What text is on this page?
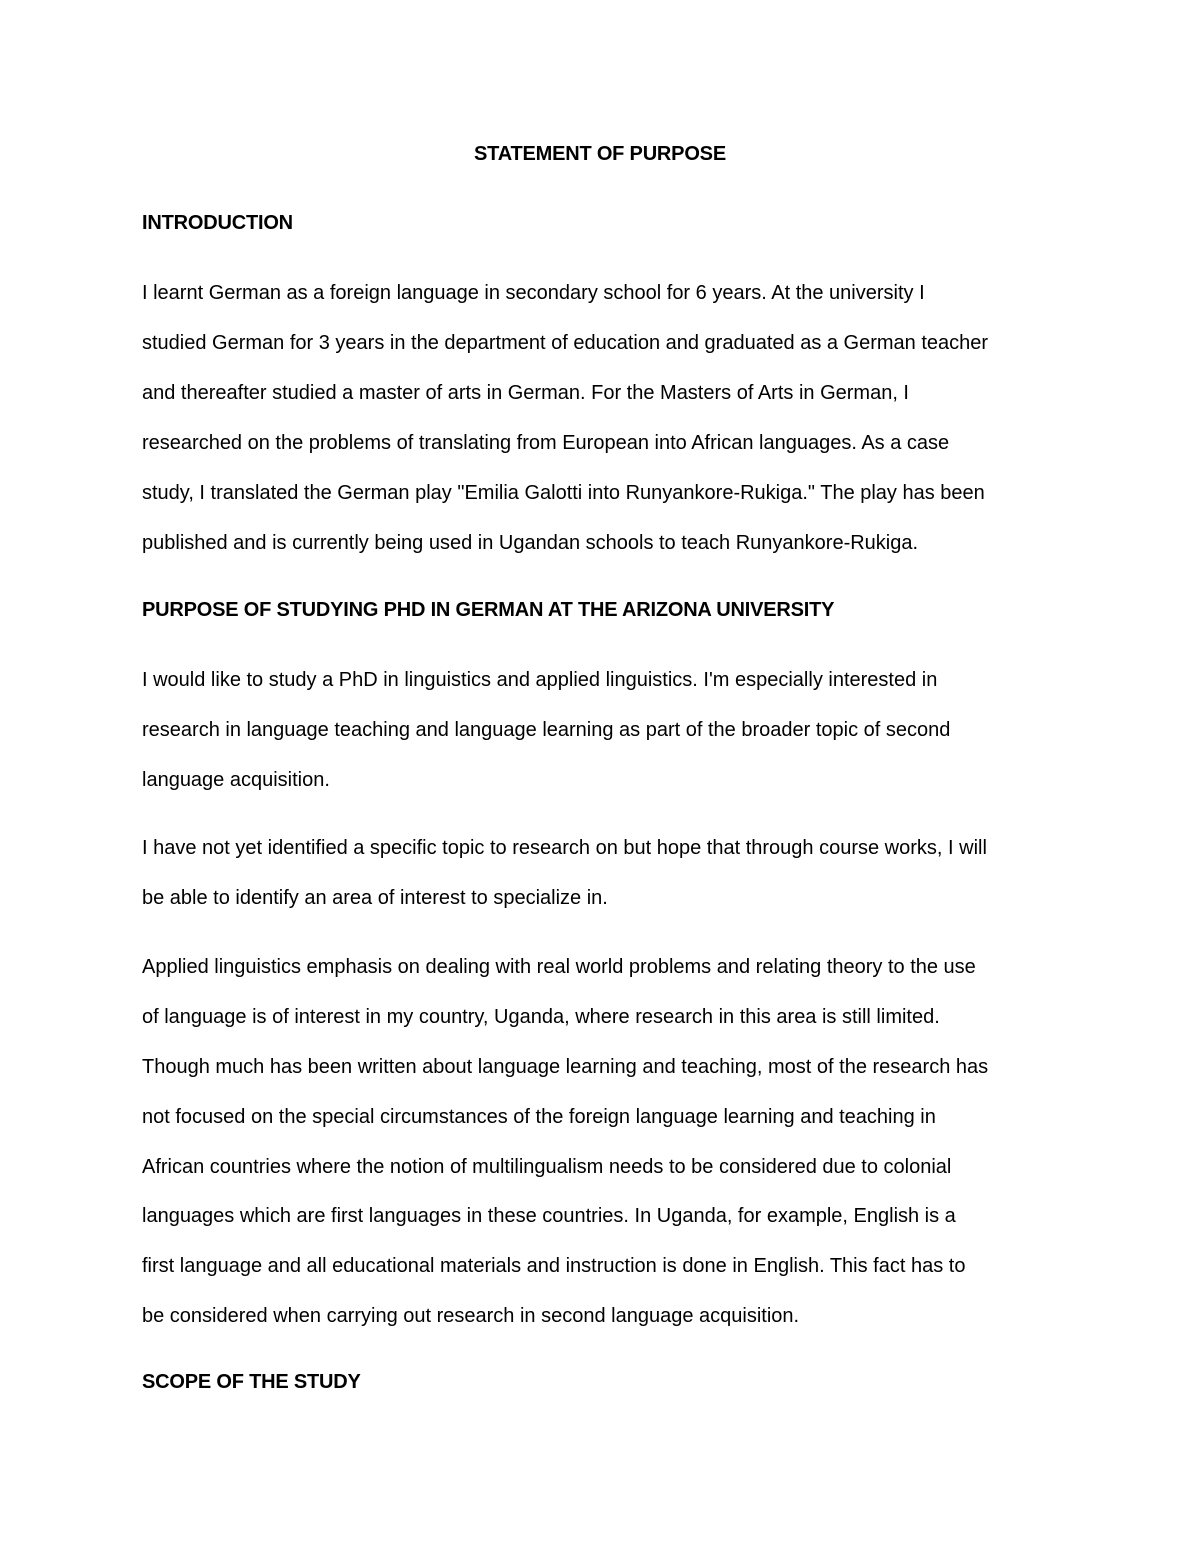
STATEMENT OF PURPOSE
INTRODUCTION
I learnt German as a foreign language in secondary school for 6 years. At the university I
studied German for 3 years in the department of education and graduated as a German teacher
and thereafter studied a master of arts in German. For the Masters of Arts in German, I
researched on the problems of translating from European into African languages. As a case
study, I translated the German play "Emilia Galotti into Runyankore-Rukiga." The play has been
published and is currently being used in Ugandan schools to teach Runyankore-Rukiga.
PURPOSE OF STUDYING PHD IN GERMAN AT THE ARIZONA UNIVERSITY
I would like to study a PhD in linguistics and applied linguistics. I'm especially interested in
research in language teaching and language learning as part of the broader topic of second
language acquisition.
I have not yet identified a specific topic to research on but hope that through course works, I will
be able to identify an area of interest to specialize in.
Applied linguistics emphasis on dealing with real world problems and relating theory to the use
of language is of interest in my country, Uganda, where research in this area is still limited.
Though much has been written about language learning and teaching, most of the research has
not focused on the special circumstances of the foreign language learning and teaching in
African countries where the notion of multilingualism needs to be considered due to colonial
languages which are first languages in these countries. In Uganda, for example, English is a
first language and all educational materials and instruction is done in English. This fact has to
be considered when carrying out research in second language acquisition.
SCOPE OF THE STUDY
